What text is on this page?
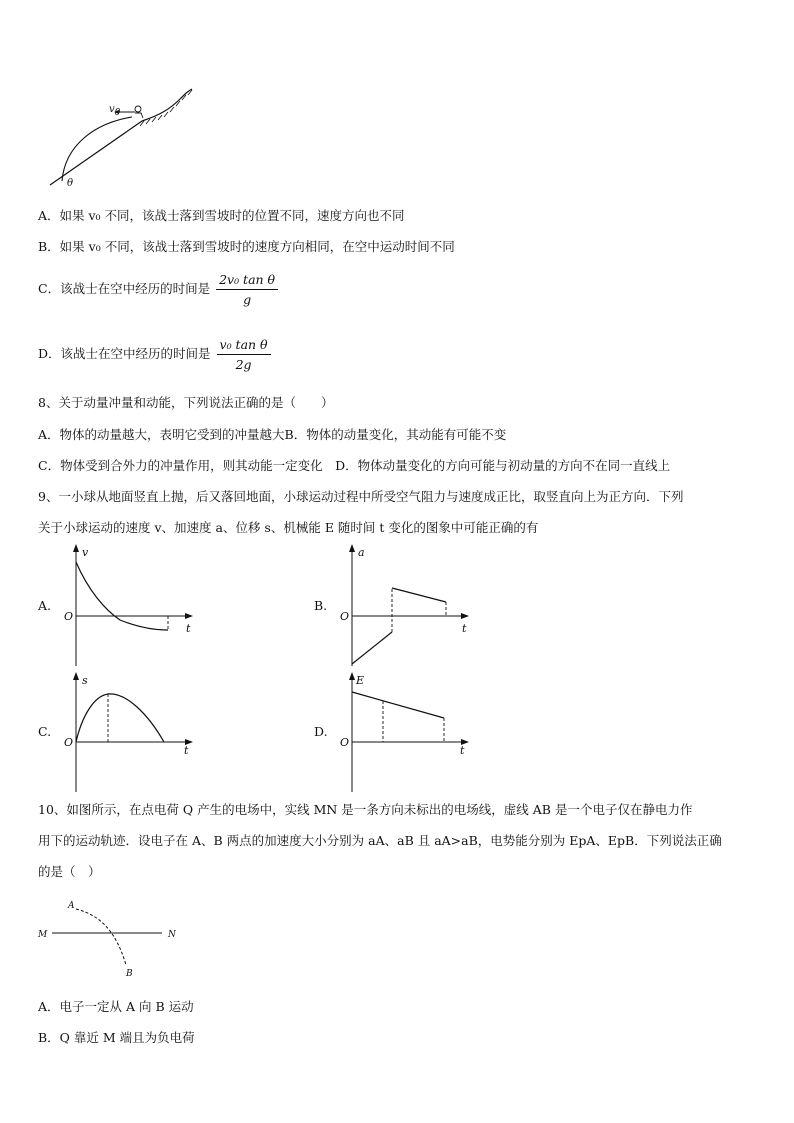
θ
$v_0$
A．如果 v₀ 不同，该战士落到雪坡时的位置不同，速度方向也不同
B．如果 v₀ 不同，该战士落到雪坡时的速度方向相同，在空中运动时间不同
C．该战士在空中经历的时间是 $\frac{\text{2v₀ tan θ}}{g}$
D．该战士在空中经历的时间是 $\frac{\text{v₀ tan θ}}{2g}$
8、关于动量冲量和动能，下列说法正确的是（　　）
A．物体的动量越大，表明它受到的冲量越大B．物体的动量变化，其动能有可能不变
C．物体受到合外力的冲量作用，则其动能一定变化　D．物体动量变化的方向可能与初动量的方向不在同一直线上
9、一小球从地面竖直上抛，后又落回地面，小球运动过程中所受空气阻力与速度成正比，取竖直向上为正方向．下列
关于小球运动的速度 v、加速度 a、位移 s、机械能 E 随时间 t 变化的图象中可能正确的有
A.
v
O
t
B.
a
O
t
C.
s
O
t
D.
E
O
t
10、如图所示，在点电荷 Q 产生的电场中，实线 MN 是一条方向未标出的电场线，虚线 AB 是一个电子仅在静电力作
用下的运动轨迹．设电子在 A、B 两点的加速度大小分别为 aA、aB 且 aA>aB，电势能分别为 EpA、EpB．下列说法正确
的是（　）
A
B
M	N
A．电子一定从 A 向 B 运动
B．Q 靠近 M 端且为负电荷
